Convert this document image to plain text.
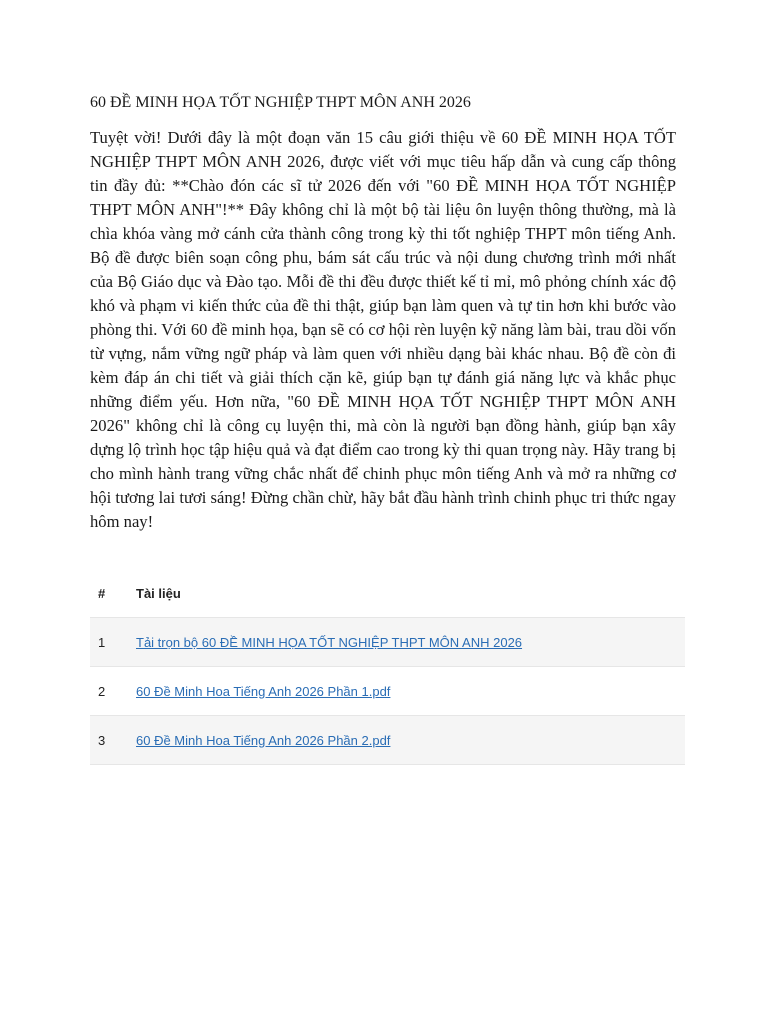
60 ĐỀ MINH HỌA TỐT NGHIỆP THPT MÔN ANH 2026

Tuyệt vời! Dưới đây là một đoạn văn 15 câu giới thiệu về 60 ĐỀ MINH HỌA TỐT NGHIỆP THPT MÔN ANH 2026, được viết với mục tiêu hấp dẫn và cung cấp thông tin đầy đủ: **Chào đón các sĩ tử 2026 đến với "60 ĐỀ MINH HỌA TỐT NGHIỆP THPT MÔN ANH"!** Đây không chỉ là một bộ tài liệu ôn luyện thông thường, mà là chìa khóa vàng mở cánh cửa thành công trong kỳ thi tốt nghiệp THPT môn tiếng Anh. Bộ đề được biên soạn công phu, bám sát cấu trúc và nội dung chương trình mới nhất của Bộ Giáo dục và Đào tạo. Mỗi đề thi đều được thiết kế tỉ mỉ, mô phỏng chính xác độ khó và phạm vi kiến thức của đề thi thật, giúp bạn làm quen và tự tin hơn khi bước vào phòng thi. Với 60 đề minh họa, bạn sẽ có cơ hội rèn luyện kỹ năng làm bài, trau dồi vốn từ vựng, nắm vững ngữ pháp và làm quen với nhiều dạng bài khác nhau. Bộ đề còn đi kèm đáp án chi tiết và giải thích cặn kẽ, giúp bạn tự đánh giá năng lực và khắc phục những điểm yếu. Hơn nữa, "60 ĐỀ MINH HỌA TỐT NGHIỆP THPT MÔN ANH 2026" không chỉ là công cụ luyện thi, mà còn là người bạn đồng hành, giúp bạn xây dựng lộ trình học tập hiệu quả và đạt điểm cao trong kỳ thi quan trọng này. Hãy trang bị cho mình hành trang vững chắc nhất để chinh phục môn tiếng Anh và mở ra những cơ hội tương lai tươi sáng! Đừng chần chừ, hãy bắt đầu hành trình chinh phục tri thức ngay hôm nay!

#	Tài liệu
1	Tải trọn bộ 60 ĐỀ MINH HỌA TỐT NGHIỆP THPT MÔN ANH 2026
2	60 Đề Minh Hoa Tiếng Anh 2026 Phần 1.pdf
3	60 Đề Minh Hoa Tiếng Anh 2026 Phần 2.pdf
